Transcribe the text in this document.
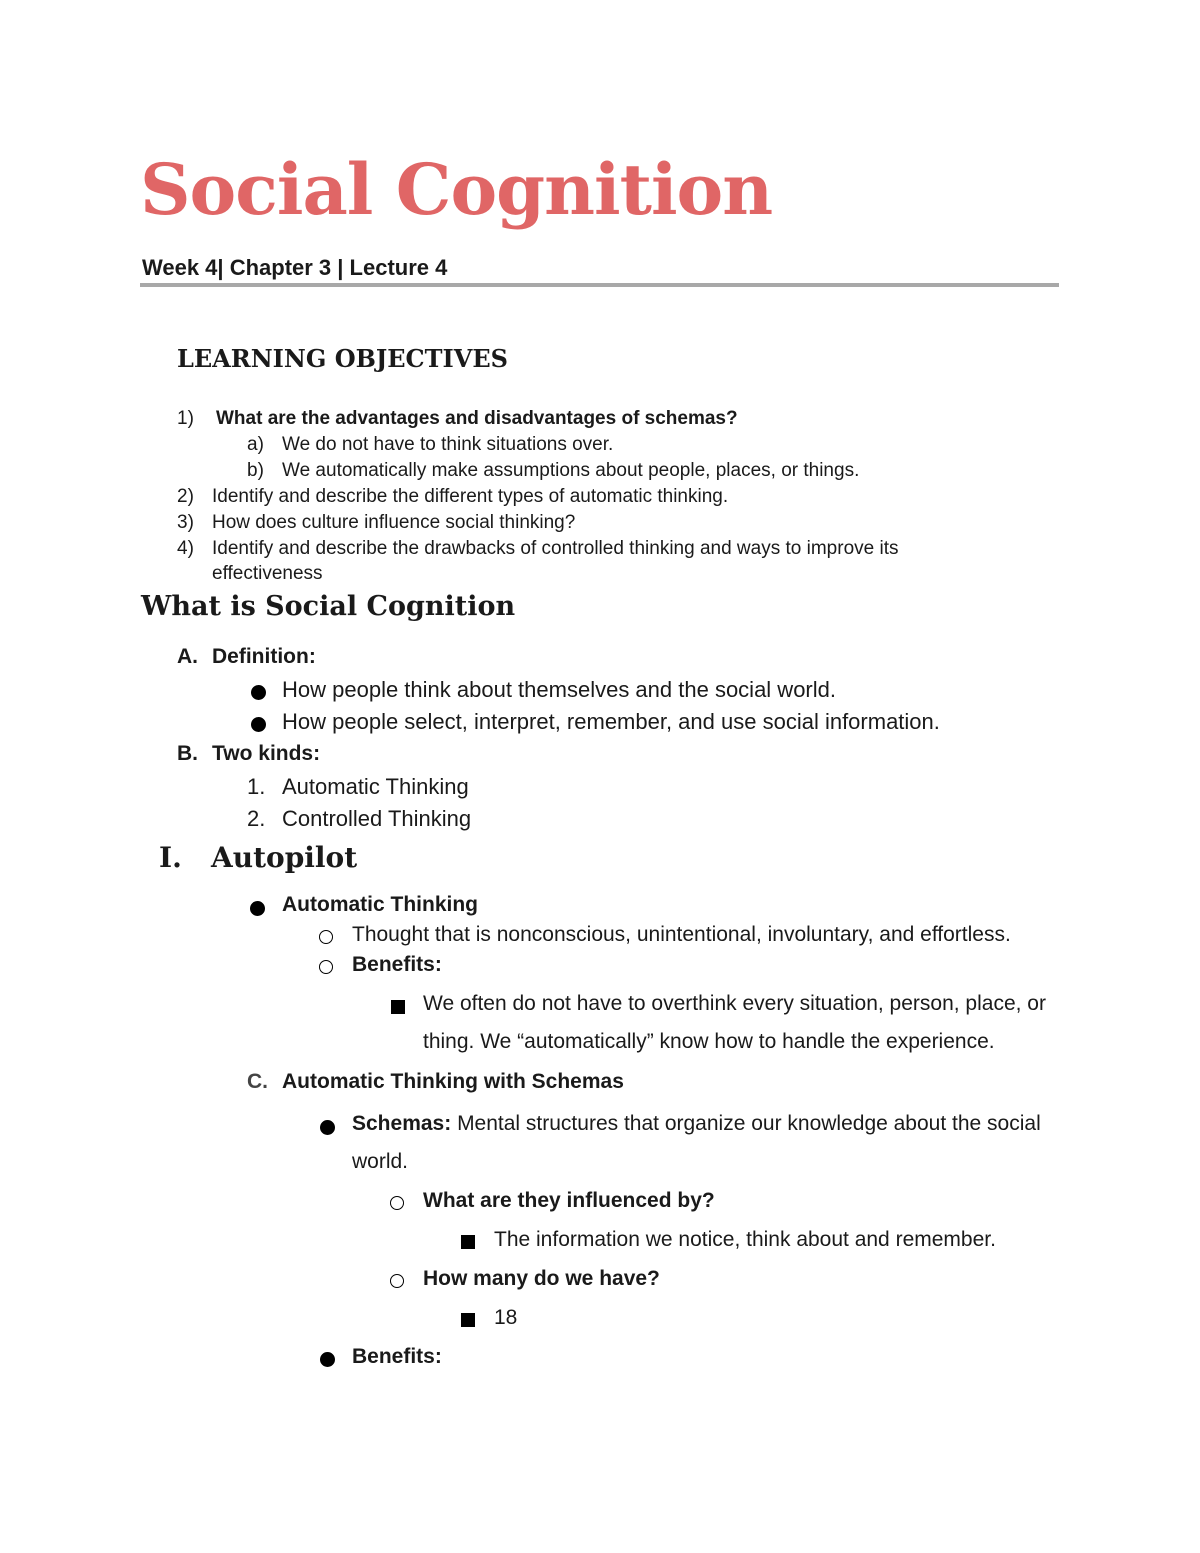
Social Cognition
Week 4| Chapter 3 | Lecture 4
LEARNING OBJECTIVES
1) What are the advantages and disadvantages of schemas?
a) We do not have to think situations over.
b) We automatically make assumptions about people, places, or things.
2) Identify and describe the different types of automatic thinking.
3) How does culture influence social thinking?
4) Identify and describe the drawbacks of controlled thinking and ways to improve its
effectiveness
What is Social Cognition
A. Definition:
How people think about themselves and the social world.
How people select, interpret, remember, and use social information.
B. Two kinds:
1. Automatic Thinking
2. Controlled Thinking
I. Autopilot
Automatic Thinking
Thought that is nonconscious, unintentional, involuntary, and effortless.
Benefits:
We often do not have to overthink every situation, person, place, or
thing. We “automatically” know how to handle the experience.
C. Automatic Thinking with Schemas
Schemas: Mental structures that organize our knowledge about the social
world.
What are they influenced by?
The information we notice, think about and remember.
How many do we have?
18
Benefits:
